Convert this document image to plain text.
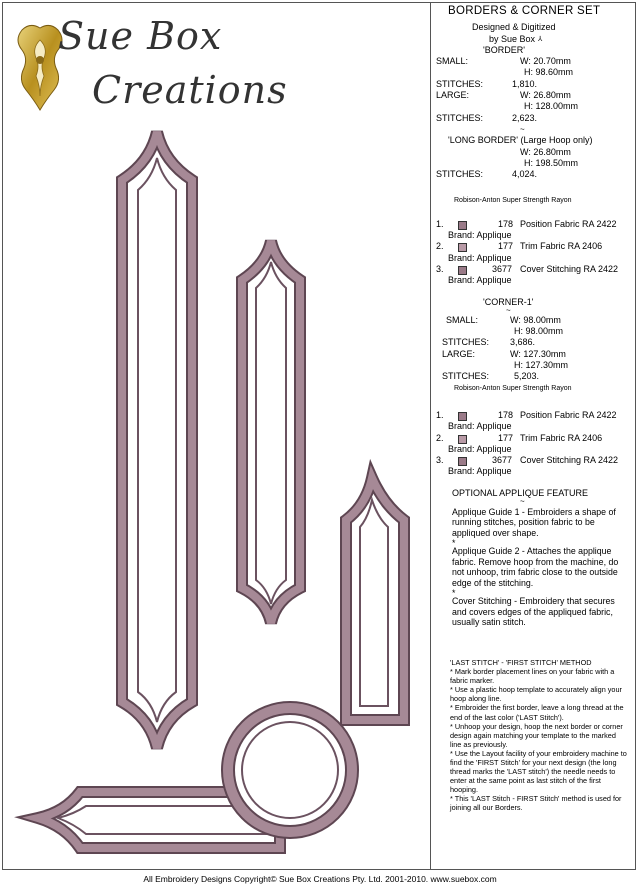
Sue Box
Creations
BORDERS & CORNER SET
Designed & Digitized
by Sue Box ⅄
'BORDER'
SMALL:	W: 20.70mm
H: 98.60mm
STITCHES:	1,810.
LARGE:	W: 26.80mm
H: 128.00mm
STITCHES:	2,623.
~
'LONG BORDER' (Large Hoop only)
W: 26.80mm
H: 198.50mm
STITCHES:	4,024.
Robison-Anton Super Strength Rayon
1.	178 Position Fabric RA 2422
Brand: Applique
2.	177 Trim Fabric RA 2406
Brand: Applique
3.	3677 Cover Stitching RA 2422
Brand: Applique
'CORNER-1'
~
SMALL:	W: 98.00mm
H: 98.00mm
STITCHES: 3,686.
LARGE:	W: 127.30mm
H: 127.30mm
STITCHES:	5,203.
Robison-Anton Super Strength Rayon
1.	178 Position Fabric RA 2422
Brand: Applique
2.	177 Trim Fabric RA 2406
Brand: Applique
3.	3677 Cover Stitching RA 2422
Brand: Applique
OPTIONAL APPLIQUE FEATURE
~
Applique Guide 1 - Embroiders a shape of running stitches, position fabric to be appliqued over shape.
*
Applique Guide 2 - Attaches the applique fabric. Remove hoop from the machine, do not unhoop, trim fabric close to the outside edge of the stitching.
*
Cover Stitching - Embroidery that secures and covers edges of the appliqued fabric, usually satin stitch.
'LAST STITCH' - 'FIRST STITCH' METHOD
* Mark border placement lines on your fabric with a fabric marker.
* Use a plastic hoop template to accurately align your hoop along line.
* Embroider the first border, leave a long thread at the end of the last color ('LAST Stitch').
* Unhoop your design, hoop the next border or corner design again matching your template to the marked line as previously.
* Use the Layout facility of your embroidery machine to find the 'FIRST Stitch' for your next design (the long thread marks the 'LAST stitch') the needle needs to enter at the same point as last stitch of the first hooping.
* This 'LAST Stitch - FIRST Stitch' method is used for joining all our Borders.
All Embroidery Designs Copyright© Sue Box Creations Pty. Ltd. 2001-2010. www.suebox.com
